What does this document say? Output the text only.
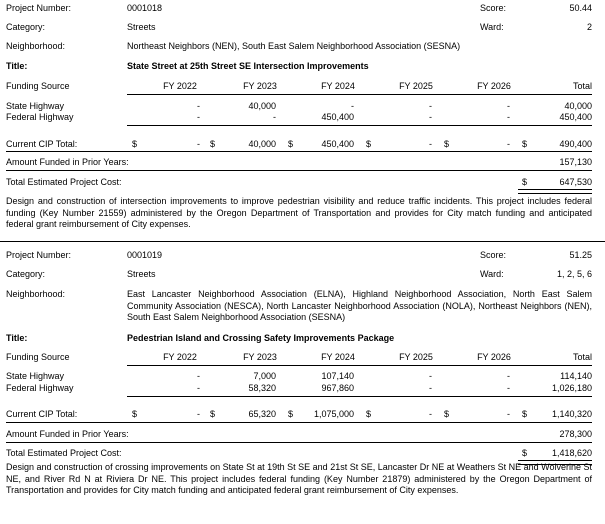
Project Number:	0001018	Score:	50.44
Category:	Streets	Ward:	2
Neighborhood:	Northeast Neighbors (NEN), South East Salem Neighborhood Association (SESNA)
Title:	State Street at 25th Street SE Intersection Improvements
Funding Source	FY 2022	FY 2023	FY 2024	FY 2025	FY 2026	Total
State Highway	-	40,000	-	-	-	40,000
Federal Highway	-	-	450,400	-	-	450,400
Current CIP Total:	$	- $	40,000 $	450,400 $	- $	- $	490,400
Amount Funded in Prior Years:	157,130
Total Estimated Project Cost:	$	647,530
Design and construction of intersection improvements to improve pedestrian visibility and reduce traffic incidents. This project includes federal funding (Key Number 21559) administered by the Oregon Department of Transportation and provides for City match funding and anticipated federal grant reimbursement of City expenses.
Project Number:	0001019	Score:	51.25
Category:	Streets	Ward:	1, 2, 5, 6
Neighborhood:	East Lancaster Neighborhood Association (ELNA), Highland Neighborhood Association, North East Salem Community Association (NESCA), North Lancaster Neighborhood Association (NOLA), Northeast Neighbors (NEN), South East Salem Neighborhood Association (SESNA)
Title:	Pedestrian Island and Crossing Safety Improvements Package
Funding Source	FY 2022	FY 2023	FY 2024	FY 2025	FY 2026	Total
State Highway	-	7,000	107,140	-	-	114,140
Federal Highway	-	58,320	967,860	-	-	1,026,180
Current CIP Total:	$	- $	65,320 $	1,075,000 $	- $	- $	1,140,320
Amount Funded in Prior Years:	278,300
Total Estimated Project Cost:	$	1,418,620
Design and construction of crossing improvements on State St at 19th St SE and 21st St SE, Lancaster Dr NE at Weathers St NE and Wolverine St NE, and River Rd N at Riviera Dr NE. This project includes federal funding (Key Number 21879) administered by the Oregon Department of Transportation and provides for City match funding and anticipated federal grant reimbursement of City expenses.
